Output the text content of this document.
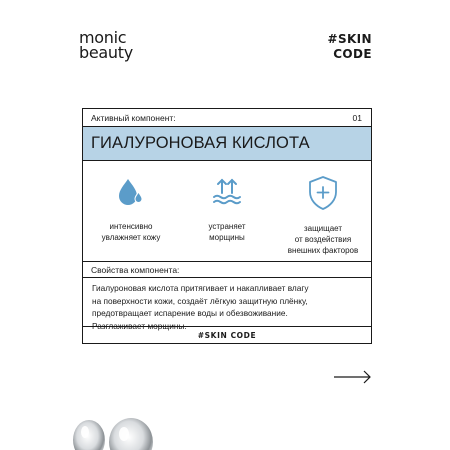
monic
beauty
#SKIN
CODE
Активный компонент:	01
ГИАЛУРОНОВАЯ КИСЛОТА
интенсивно
увлажняет кожу
устраняет
морщины
защищает
от воздействия
внешних факторов
Свойства компонента:
Гиалуроновая кислота притягивает и накапливает влагу
на поверхности кожи, создаёт лёгкую защитную плёнку,
предотвращает испарение воды и обезвоживание.
Разглаживает морщины.
#SKIN CODE
